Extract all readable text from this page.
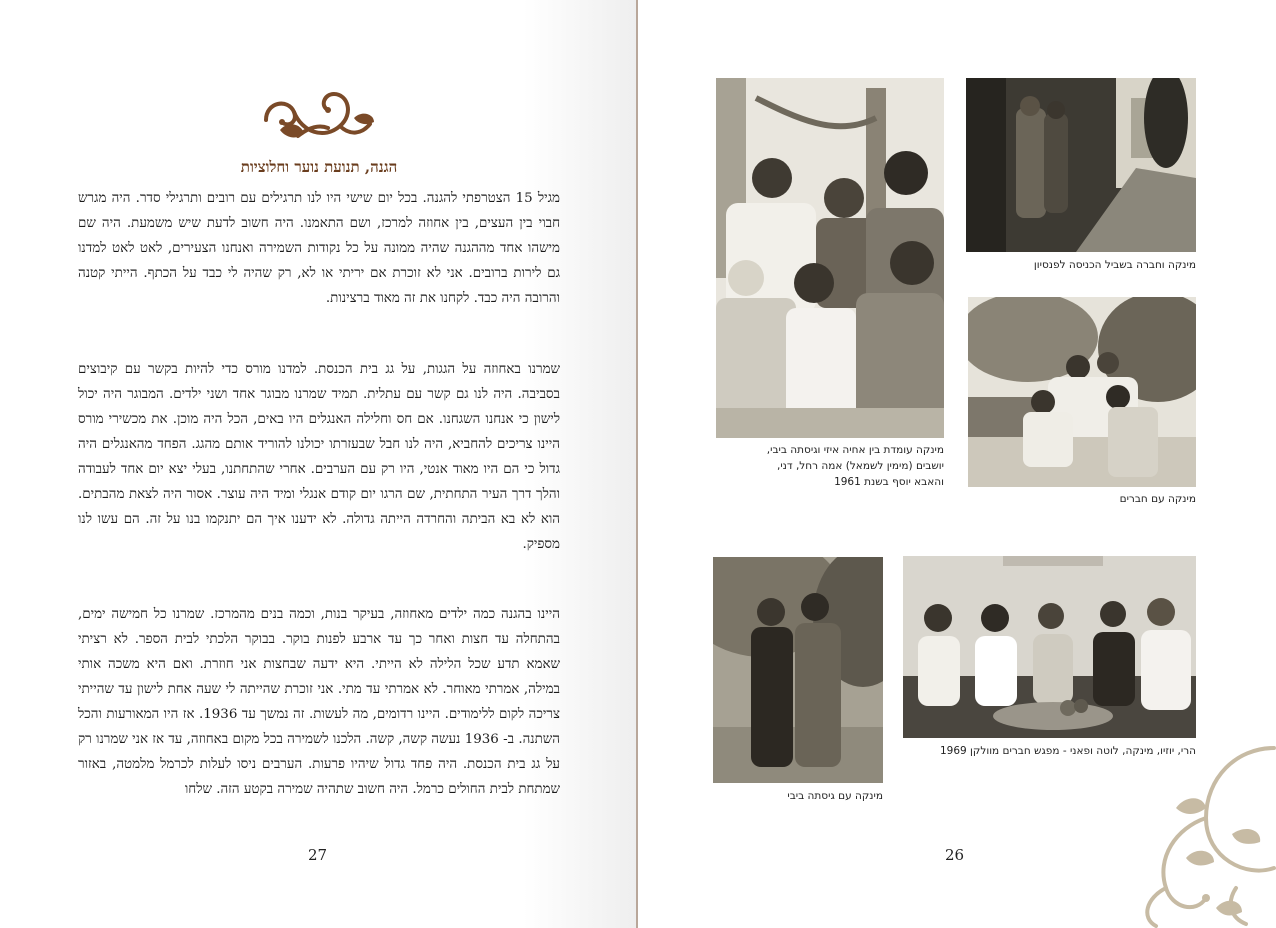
הגנה, תנועת נוער וחלוציות

מגיל 15 הצטרפתי להגנה. בכל יום שישי היו לנו תרגילים עם רובים ותרגילי סדר. היה מגרש חבוי בין העצים, בין אחוזה למרכז, ושם התאמנו. היה חשוב לדעת שיש משמעת. היה שם מישהו אחד מההגנה שהיה ממונה על כל נקודות השמירה ואנחנו הצעירים, לאט לאט למדנו גם לירות ברובים. אני לא זוכרת אם יריתי או לא, רק שהיה לי כבד על הכתף. הייתי קטנה והרובה היה כבד. לקחנו את זה מאוד ברצינות.

שמרנו באחוזה על הגגות, על גג בית הכנסת. למדנו מורס כדי להיות בקשר עם קיבוצים בסביבה. היה לנו גם קשר עם עתלית. תמיד שמרנו מבוגר אחד ושני ילדים. המבוגר היה יכול לישון כי אנחנו השגחנו. אם חס וחלילה האנגלים היו באים, הכל היה מוכן. את מכשירי מורס היינו צריכים להחביא, היה לנו חבל שבעזרתו יכולנו להוריד אותם מהגג. הפחד מהאנגלים היה גדול כי הם היו מאוד אנטי, היו רק עם הערבים. אחרי שהתחתנו, בעלי יצא יום אחד לעבודה והלך דרך העיר התחתית, שם הרגו יום קודם אנגלי ומיד היה עוצר. אסור היה לצאת מהבתים. הוא לא בא הביתה והחרדה הייתה גדולה. לא ידענו איך הם יתנקמו בנו על זה. הם עשו לנו מספיק.

היינו בהגנה כמה ילדים מאחוזה, בעיקר בנות, וכמה בנים מהמרכז. שמרנו כל חמישה ימים, בהתחלה עד חצות ואחר כך עד ארבע לפנות בוקר. בבוקר הלכתי לבית הספר. לא רציתי שאמא תדע שכל הלילה לא הייתי. היא ידעה שבחצות אני חוזרת. ואם היא משכה אותי במילה, אמרתי מאוחר. לא אמרתי עד מתי. אני זוכרת שהייתה לי שעה אחת לישון עד שהייתי צריכה לקום ללימודים. היינו רדומים, מה לעשות. זה נמשך עד 1936. אז היו המאורעות והכל השתנה. ב- 1936 נעשה קשה, קשה. הלכנו לשמירה בכל מקום באחוזה, עד אז אני שמרנו רק על גג בית הכנסת. היה פחד גדול שיהיו פרעות. הערבים ניסו לעלות לכרמל מלמטה, באזור שמתחת לבית החולים כרמל. היה חשוב שתהיה שמירה בקטע הזה. שלחו

27

מינקה וחברה בשביל הכניסה לפנסיון

מינקה עומדת בין אחיה איזי וגיסתה ביבי,
יושבים (מימין לשמאל) אמה רחל, דני,
והאבא יוסף בשנת 1961

מינקה עם חברים

מינקה עם גיסתה ביבי

הרי, יוזיו, מינקה, לוטה ופאני - מפגש חברים מוולקן 1969

26
